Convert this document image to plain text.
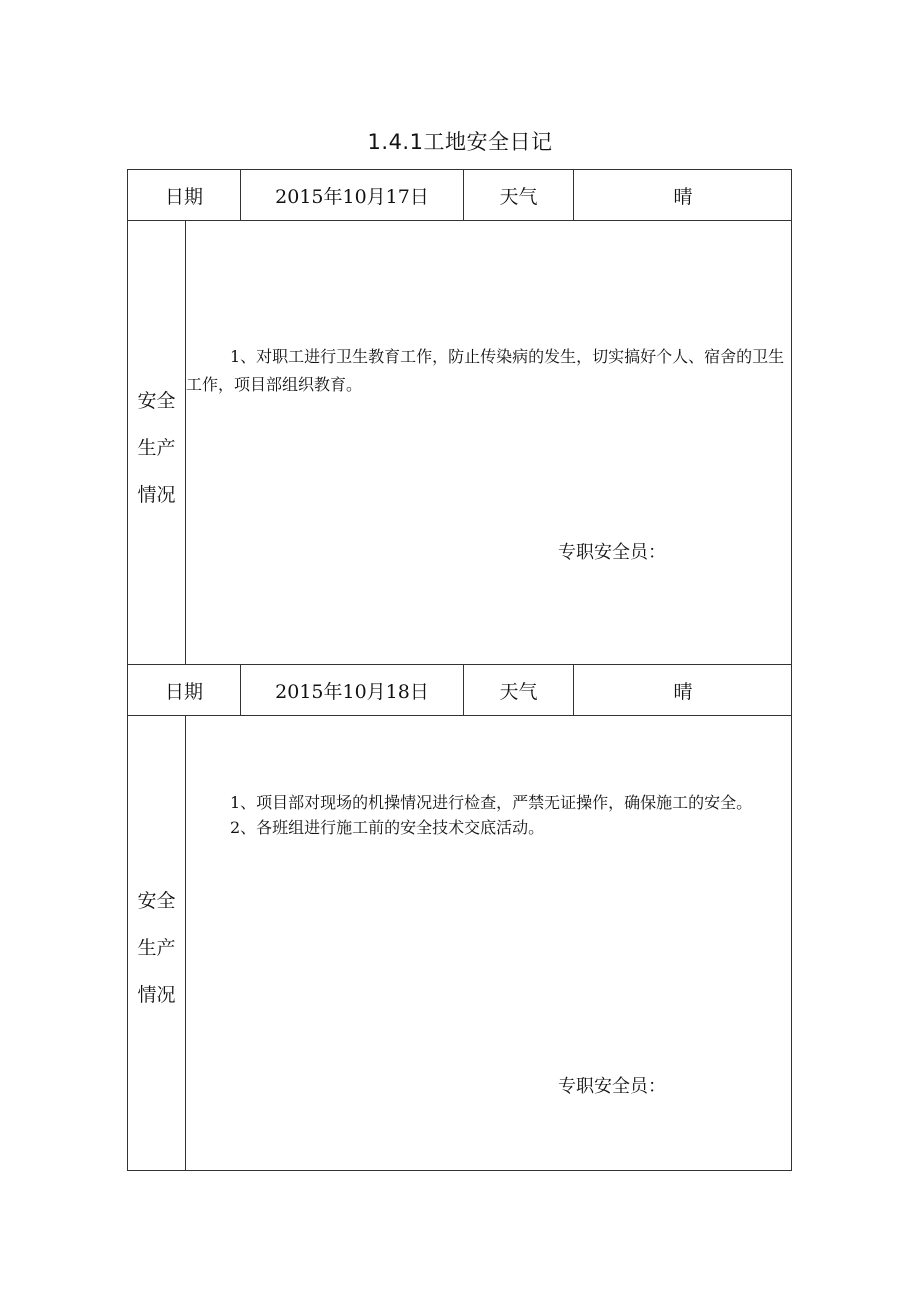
1.4.1工地安全日记
日期	2015年10月17日	天气	晴
安全
生产
情况

1、对职工进行卫生教育工作，防止传染病的发生，切实搞好个人、宿舍的卫生工作，项目部组织教育。

专职安全员：
日期	2015年10月18日	天气	晴
安全
生产
情况

1、项目部对现场的机操情况进行检查，严禁无证操作，确保施工的安全。

2、各班组进行施工前的安全技术交底活动。

专职安全员：
